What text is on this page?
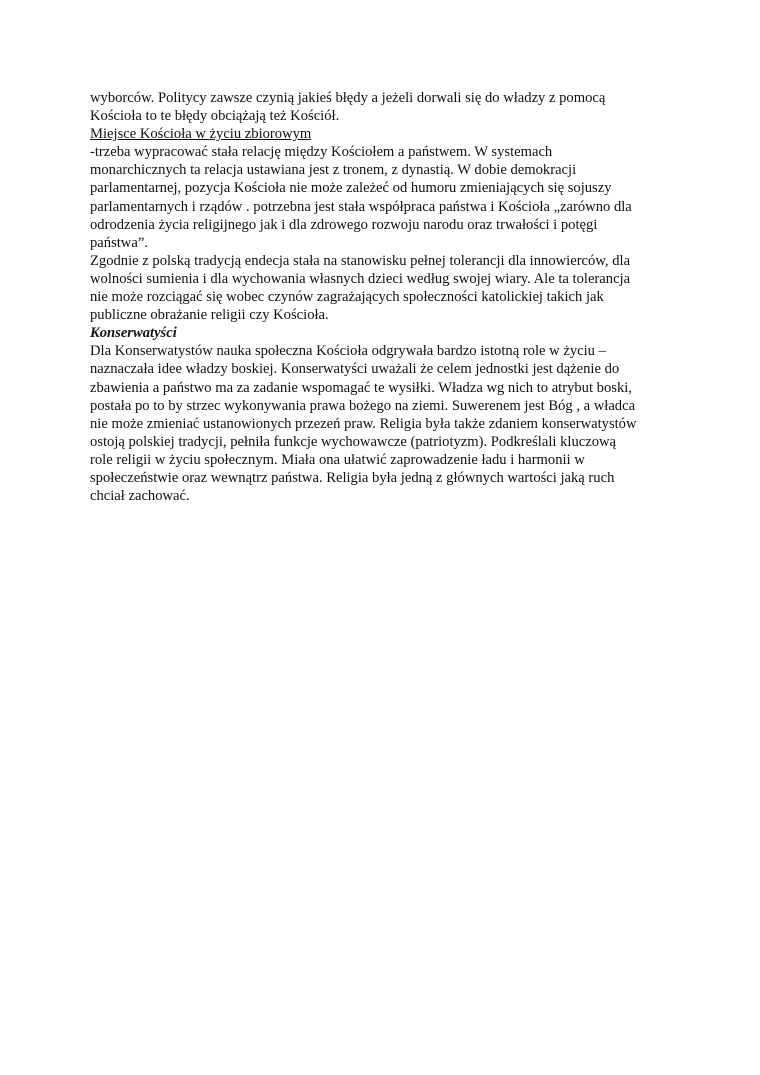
wyborców. Politycy zawsze czynią jakieś błędy a jeżeli dorwali się do władzy z pomocą
Kościoła to te błędy obciążają też Kościół.
Miejsce Kościoła w życiu zbiorowym
-trzeba wypracować stała relację między Kościołem a państwem. W systemach
monarchicznych ta relacja ustawiana jest z tronem, z dynastią. W dobie demokracji
parlamentarnej, pozycja Kościoła nie może zależeć od humoru zmieniających się sojuszy
parlamentarnych i rządów . potrzebna jest stała współpraca państwa i Kościoła „zarówno dla
odrodzenia życia religijnego jak i dla zdrowego rozwoju narodu oraz trwałości i potęgi
państwa”.
Zgodnie z polską tradycją endecja stała na stanowisku pełnej tolerancji dla innowierców, dla
wolności sumienia i dla wychowania własnych dzieci według swojej wiary. Ale ta tolerancja
nie może rozciągać się wobec czynów zagrażających społeczności katolickiej takich jak
publiczne obrażanie religii czy Kościoła.
Konserwatyści
Dla Konserwatystów nauka społeczna Kościoła odgrywała bardzo istotną role w życiu –
naznaczała idee władzy boskiej. Konserwatyści uważali że celem jednostki jest dążenie do
zbawienia a państwo ma za zadanie wspomagać te wysiłki. Władza wg nich to atrybut boski,
postała po to by strzec wykonywania prawa bożego na ziemi. Suwerenem jest Bóg , a władca
nie może zmieniać ustanowionych przezeń praw. Religia była także zdaniem konserwatystów
ostoją polskiej tradycji, pełniła funkcje wychowawcze (patriotyzm). Podkreślali kluczową
role religii w życiu społecznym. Miała ona ułatwić zaprowadzenie ładu i harmonii w
społeczeństwie oraz wewnątrz państwa. Religia była jedną z głównych wartości jaką ruch
chciał zachować.
